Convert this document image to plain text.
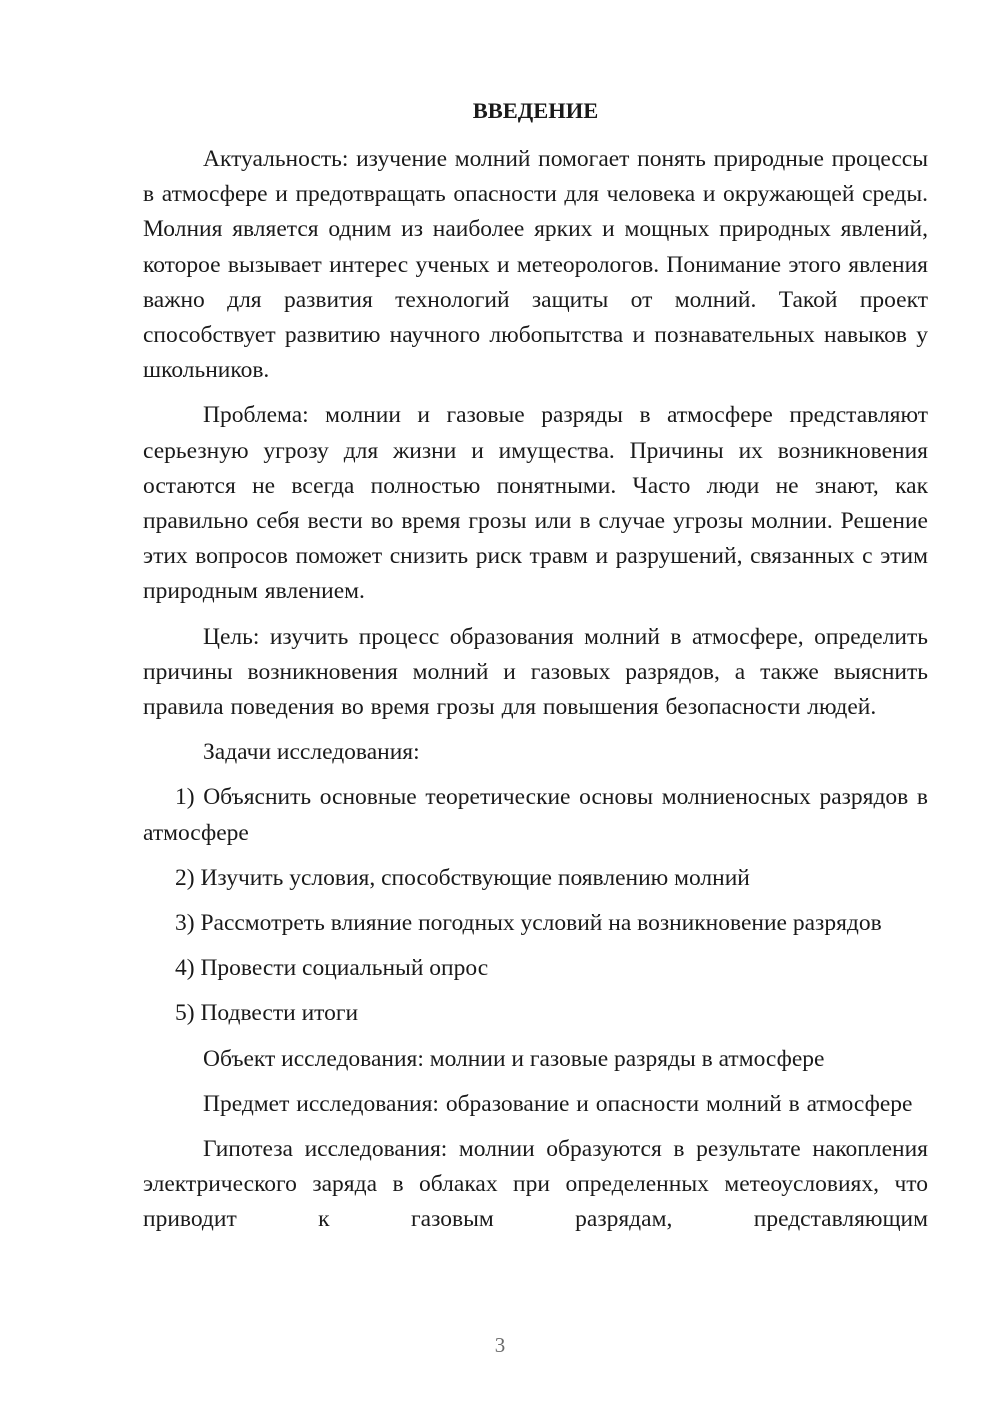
ВВЕДЕНИЕ

Актуальность: изучение молний помогает понять природные процессы в атмосфере и предотвращать опасности для человека и окружающей среды. Молния является одним из наиболее ярких и мощных природных явлений, которое вызывает интерес ученых и метеорологов. Понимание этого явления важно для развития технологий защиты от молний. Такой проект способствует развитию научного любопытства и познавательных навыков у школьников.

Проблема: молнии и газовые разряды в атмосфере представляют серьезную угрозу для жизни и имущества. Причины их возникновения остаются не всегда полностью понятными. Часто люди не знают, как правильно себя вести во время грозы или в случае угрозы молнии. Решение этих вопросов поможет снизить риск травм и разрушений, связанных с этим природным явлением.

Цель: изучить процесс образования молний в атмосфере, определить причины возникновения молний и газовых разрядов, а также выяснить правила поведения во время грозы для повышения безопасности людей.

Задачи исследования:
1) Объяснить основные теоретические основы молниеносных разрядов в атмосфере
2) Изучить условия, способствующие появлению молний
3) Рассмотреть влияние погодных условий на возникновение разрядов
4) Провести социальный опрос
5) Подвести итоги
Объект исследования: молнии и газовые разряды в атмосфере

Предмет исследования: образование и опасности молний в атмосфере

Гипотеза исследования: молнии образуются в результате накопления электрического заряда в облаках при определенных метеоусловиях, что приводит к газовым разрядам, представляющим

3
